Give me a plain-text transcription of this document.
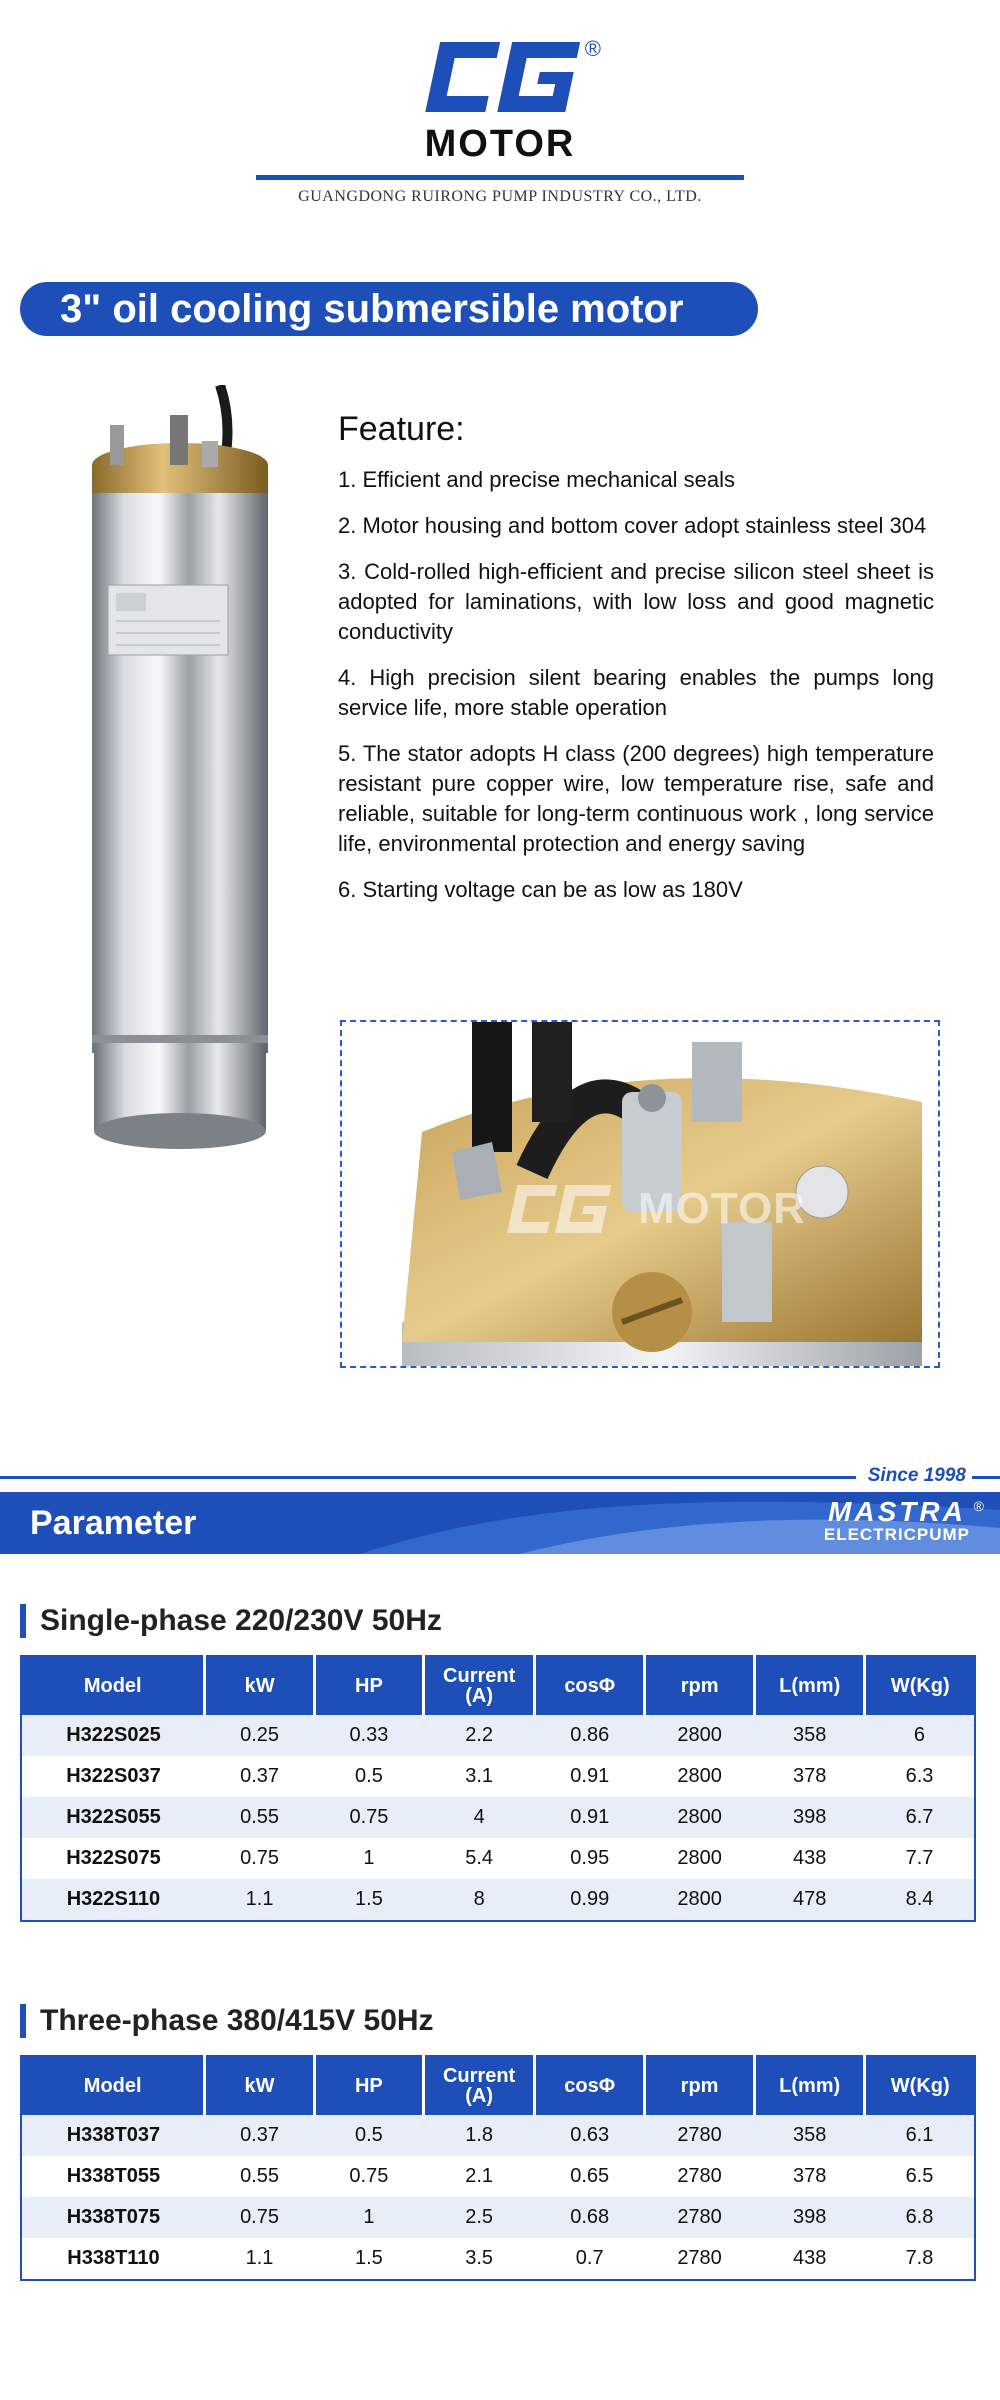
®
MOTOR
GUANGDONG RUIRONG PUMP INDUSTRY CO., LTD.
3" oil cooling submersible motor
Feature:
1. Efficient and precise mechanical seals
2. Motor housing and bottom cover adopt stainless steel 304
3. Cold-rolled high-efficient and precise silicon steel sheet is adopted for laminations, with low loss and good magnetic conductivity
4. High precision silent bearing enables the pumps long service life, more stable operation
5. The stator adopts H class (200 degrees) high temperature resistant pure copper wire, low temperature rise, safe and reliable, suitable for long-term continuous work , long service life, environmental protection and energy saving
6. Starting voltage can be as low as 180V
MOTOR
Since 1998
Parameter	MASTRA
ELECTRICPUMP
®
Single-phase 220/230V 50Hz
Model	kW	HP	Current
(A)	cosΦ	rpm	L(mm)	W(Kg)
H322S025	0.25	0.33	2.2	0.86	2800	358	6
H322S037	0.37	0.5	3.1	0.91	2800	378	6.3
H322S055	0.55	0.75	4	0.91	2800	398	6.7
H322S075	0.75	1	5.4	0.95	2800	438	7.7
H322S110	1.1	1.5	8	0.99	2800	478	8.4
Three-phase 380/415V 50Hz
Model	kW	HP	Current
(A)	cosΦ	rpm	L(mm)	W(Kg)
H338T037	0.37	0.5	1.8	0.63	2780	358	6.1
H338T055	0.55	0.75	2.1	0.65	2780	378	6.5
H338T075	0.75	1	2.5	0.68	2780	398	6.8
H338T110	1.1	1.5	3.5	0.7	2780	438	7.8
